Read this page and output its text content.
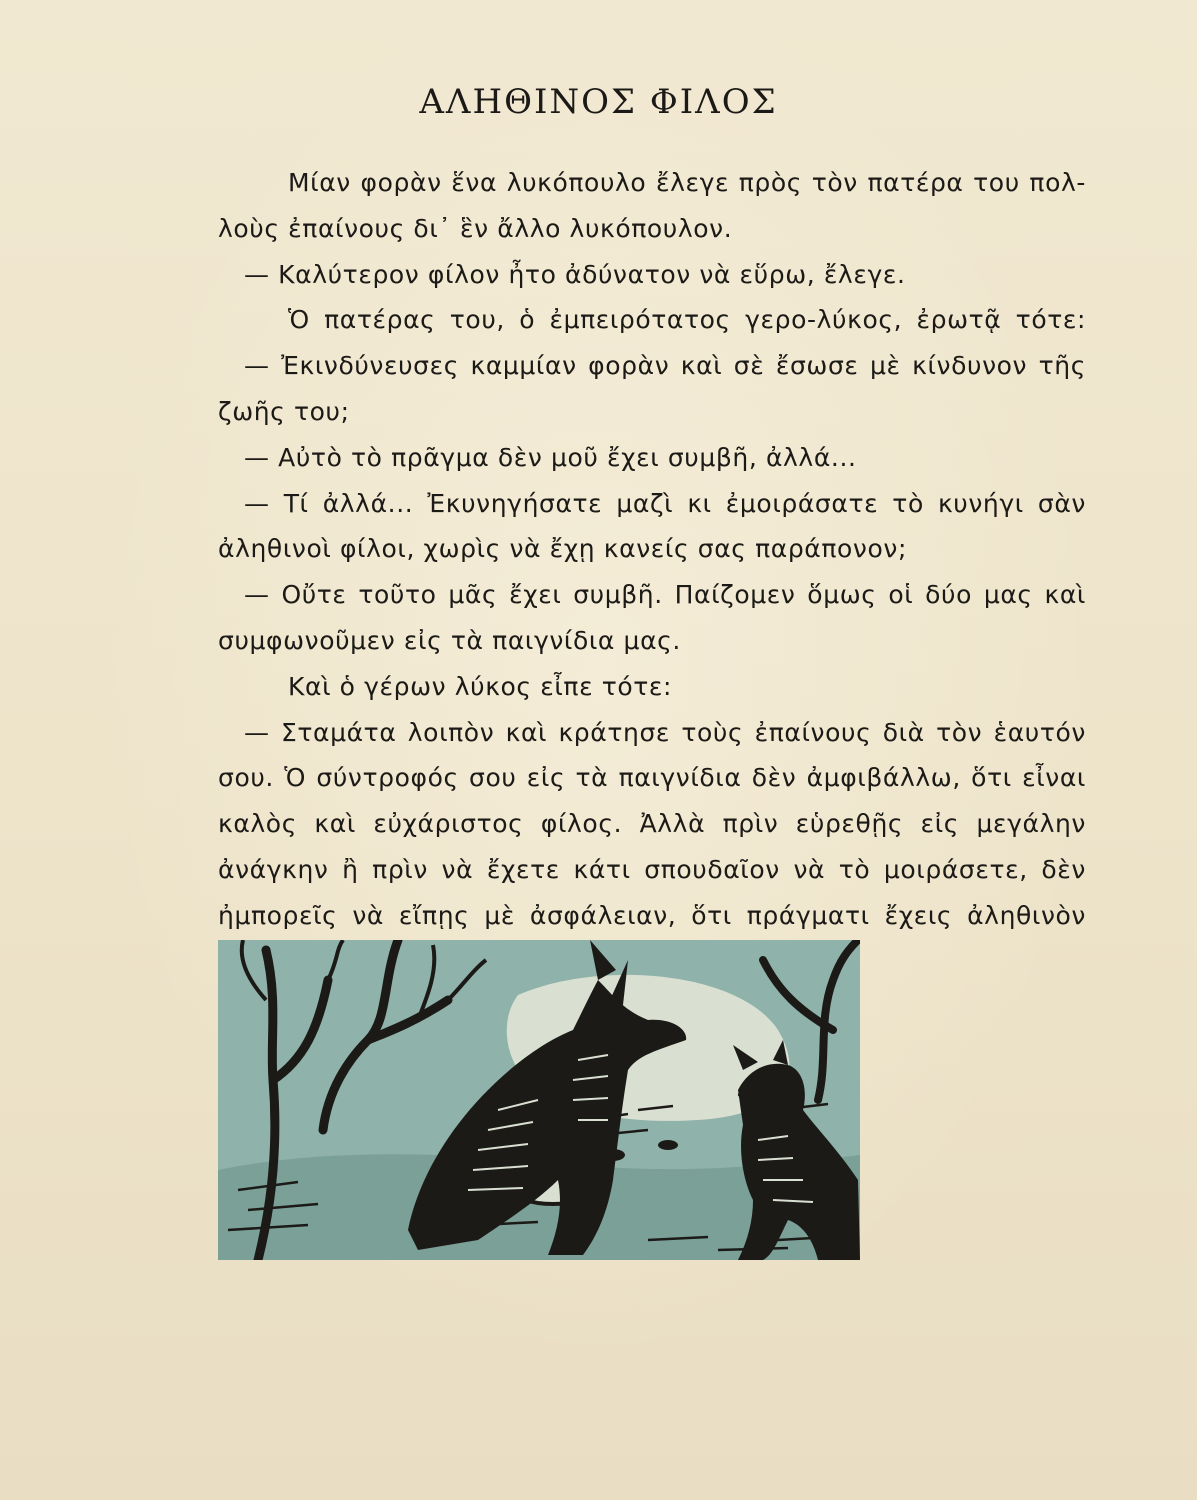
ΑΛΗΘΙΝΟΣ ΦΙΛΟΣ
Μίαν φορὰν ἕνα λυκόπουλο ἔλεγε πρὸς τὸν πατέρα του πολ-
λοὺς ἐπαίνους δι᾿ ἓν ἄλλο λυκόπουλον.
— Καλύτερον φίλον ἦτο ἀδύνατον νὰ εὕρω, ἔλεγε.
Ὁ πατέρας του, ὁ ἐμπειρότατος γερο-λύκος, ἐρωτᾷ τότε:
— Ἐκινδύνευσες καμμίαν φορὰν καὶ σὲ ἔσωσε μὲ κίνδυνον τῆς
ζωῆς του;
— Αὐτὸ τὸ πρᾶγμα δὲν μοῦ ἔχει συμβῆ, ἀλλά...
— Τί ἀλλά... Ἐκυνηγήσατε μαζὶ κι ἐμοιράσατε τὸ κυνήγι σὰν
ἀληθινοὶ φίλοι, χωρὶς νὰ ἔχῃ κανείς σας παράπονον;
— Οὔτε τοῦτο μᾶς ἔχει συμβῆ. Παίζομεν ὅμως οἱ δύο μας καὶ
συμφωνοῦμεν εἰς τὰ παιγνίδια μας.
Καὶ ὁ γέρων λύκος εἶπε τότε:
— Σταμάτα λοιπὸν καὶ κράτησε τοὺς ἐπαίνους διὰ τὸν ἑαυτόν
σου. Ὁ σύντροφός σου εἰς τὰ παιγνίδια δὲν ἀμφιβάλλω, ὅτι εἶναι
καλὸς καὶ εὐχάριστος φίλος. Ἀλλὰ πρὶν εὑρεθῇς εἰς μεγάλην
ἀνάγκην ἢ πρὶν νὰ ἔχετε κάτι σπουδαῖον νὰ τὸ μοιράσετε, δὲν
ἠμπορεῖς νὰ εἴπῃς μὲ ἀσφάλειαν, ὅτι πράγματι ἔχεις ἀληθινὸν
